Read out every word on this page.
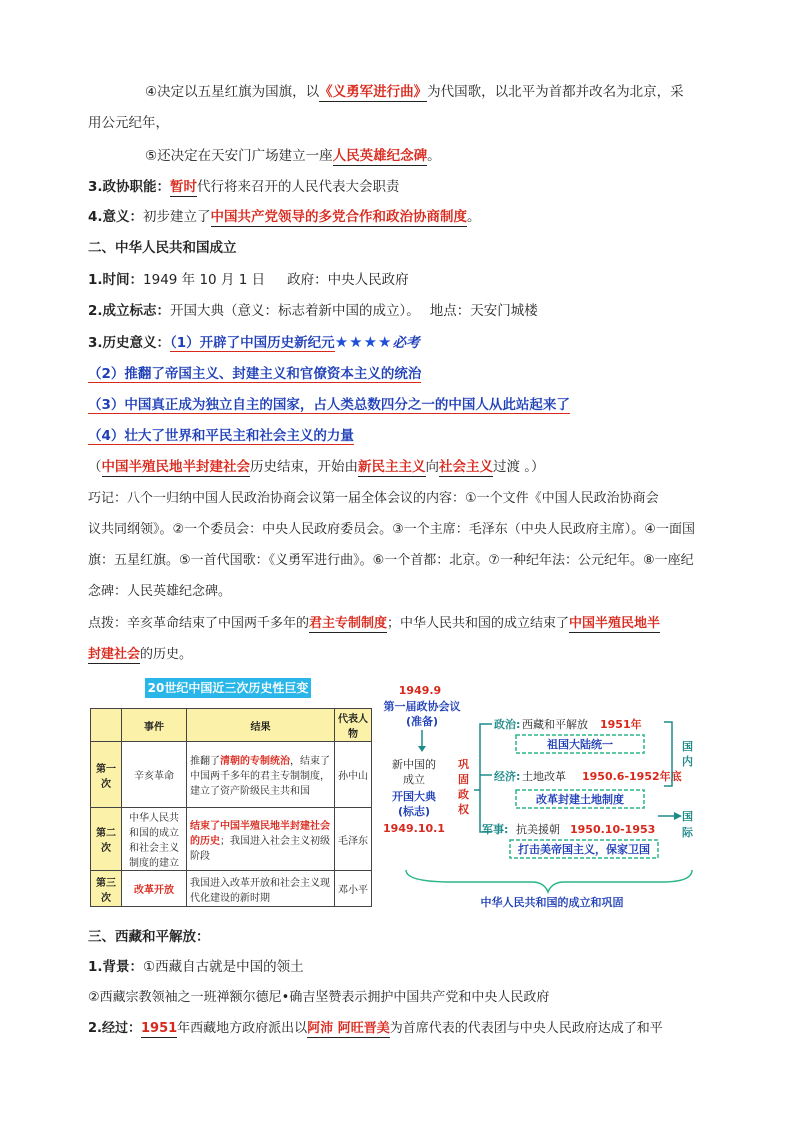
④决定以五星红旗为国旗，以《义勇军进行曲》为代国歌，以北平为首都并改名为北京，采
用公元纪年，
⑤还决定在天安门广场建立一座人民英雄纪念碑。
3.政协职能：暂时代行将来召开的人民代表大会职责
4.意义：初步建立了中国共产党领导的多党合作和政治协商制度。
二、中华人民共和国成立
1.时间：1949 年 10 月 1 日 政府：中央人民政府
2.成立标志：开国大典（意义：标志着新中国的成立）。 地点：天安门城楼
3.历史意义：（1）开辟了中国历史新纪元★★★★必考
（2）推翻了帝国主义、封建主义和官僚资本主义的统治
（3）中国真正成为独立自主的国家，占人类总数四分之一的中国人从此站起来了
（4）壮大了世界和平民主和社会主义的力量
（中国半殖民地半封建社会历史结束，开始由新民主主义向社会主义过渡 。）
巧记：八个一归纳中国人民政治协商会议第一届全体会议的内容：①一个文件《中国人民政治协商会
议共同纲领》。②一个委员会：中央人民政府委员会。③一个主席：毛泽东（中央人民政府主席）。④一面国
旗：五星红旗。⑤一首代国歌：《义勇军进行曲》。⑥一个首都：北京。⑦一种纪年法：公元纪年。⑧一座纪
念碑：人民英雄纪念碑。
点拨：辛亥革命结束了中国两千多年的君主专制制度；中华人民共和国的成立结束了中国半殖民地半
封建社会的历史。
20世纪中国近三次历史性巨变
	事件	结果	代表人物
第一次	辛亥革命	推翻了清朝的专制统治，结束了中国两千多年的君主专制制度，建立了资产阶级民主共和国	孙中山
第二次	中华人民共和国的成立和社会主义制度的建立	结束了中国半殖民地半封建社会的历史；我国进入社会主义初级阶段	毛泽东
第三次	改革开放	我国进入改革开放和社会主义现代化建设的新时期	邓小平
1949.9
第一届政协会议
(准备)
新中国的
成立
开国大典
(标志)
1949.10.1
巩
固
政
权
政治: 西藏和平解放 1951年
祖国大陆统一
经济: 土地改革 1950.6-1952年底
改革封建土地制度
军事: 抗美援朝 1950.10-1953
打击美帝国主义，保家卫国
国
内
国
际
中华人民共和国的成立和巩固
三、西藏和平解放：
1.背景：①西藏自古就是中国的领土
②西藏宗教领袖之一班禅额尔德尼•确吉坚赞表示拥护中国共产党和中央人民政府
2.经过：1951年西藏地方政府派出以阿沛 阿旺晋美为首席代表的代表团与中央人民政府达成了和平
